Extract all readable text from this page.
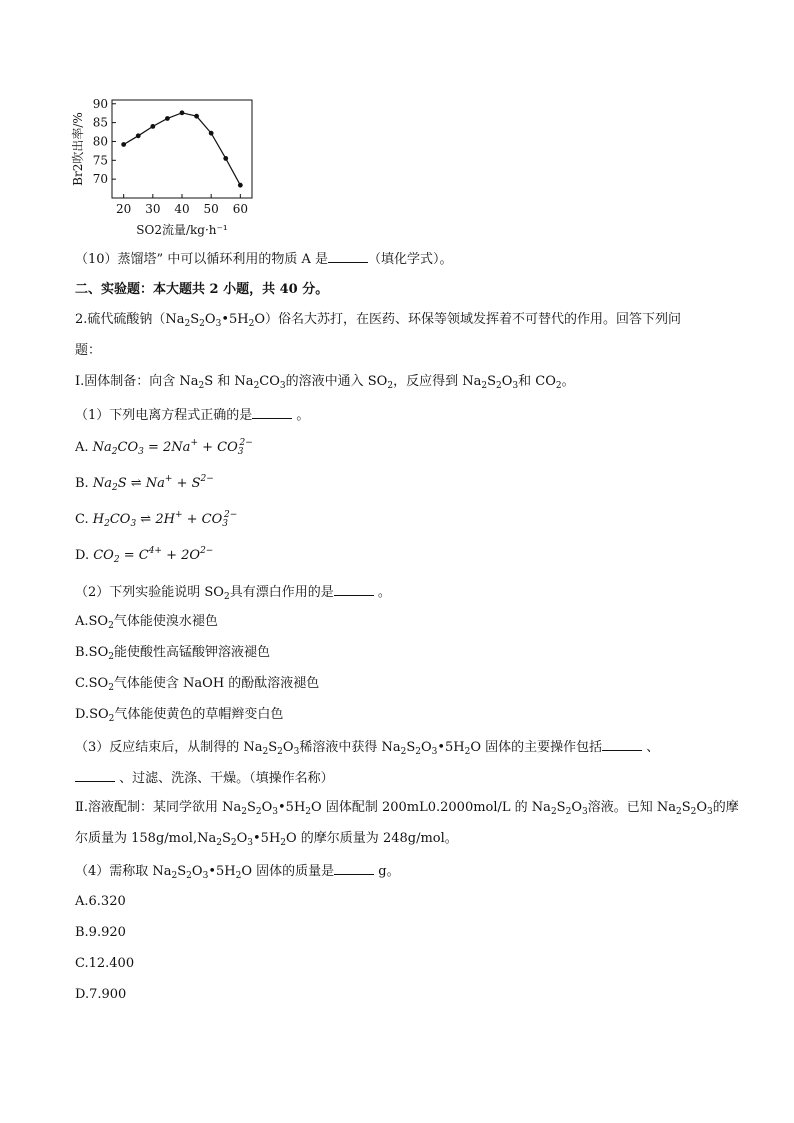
90
85
80
75
70
20 30 40 50 60
Br2吹出率/%
SO2流量/kg·h⁻¹
（10）蒸馏塔” 中可以循环利用的物质 A 是	（填化学式）。
二、实验题：本大题共 2 小题，共 40 分。
2.硫代硫酸钠$(Na_2S_2O_3•5H_2O)$俗名大苏打，在医药、环保等领域发挥着不可替代的作用。回答下列问
题：
Ⅰ.固体制备：向含 $Na_2S$ 和 $Na_2CO_3$的溶液中通入 $SO_2$，反应得到 $Na_2S_2O_3$和 $CO_2$。
（1）下列电离方程式正确的是	。
A. $Na_2CO_3 = 2Na^+ + CO_3^{2-}$
B. $Na_2S$ ⇌ $Na^+ + S^{2-}$
C. $H_2CO_3$ ⇌ $2H^+ + CO_3^{2-}$
D. $CO_2 = C^{4+} + 2O^{2-}$
（2）下列实验能说明 $SO_2$具有漂白作用的是	。
$A.SO_2$气体能使溴水褪色
$B.SO_2$能使酸性高锰酸钾溶液褪色
$C.SO_2$气体能使含 NaOH 的酚酞溶液褪色
$D.SO_2$气体能使黄色的草帽辫变白色
（3）反应结束后，从制得的 $Na_2S_2O_3$稀溶液中获得 $Na_2S_2O_3•5H_2O$ 固体的主要操作包括	、
、过滤、洗涤、干燥。（填操作名称）
Ⅱ.溶液配制：某同学欲用 $Na_2S_2O_3•5H_2O$ 固体配制 200mL0.2000mol/L 的 $Na_2S_2O_3$溶液。已知 $Na_2S_2O_3$的摩
尔质量为 $158g/mol,Na_2S_2O_3•5H_2O$ 的摩尔质量为 248g/mol。
（4）需称取 $Na_2S_2O_3•5H_2O$ 固体的质量是	g。
A.6.320
B.9.920
C.12.400
D.7.900
